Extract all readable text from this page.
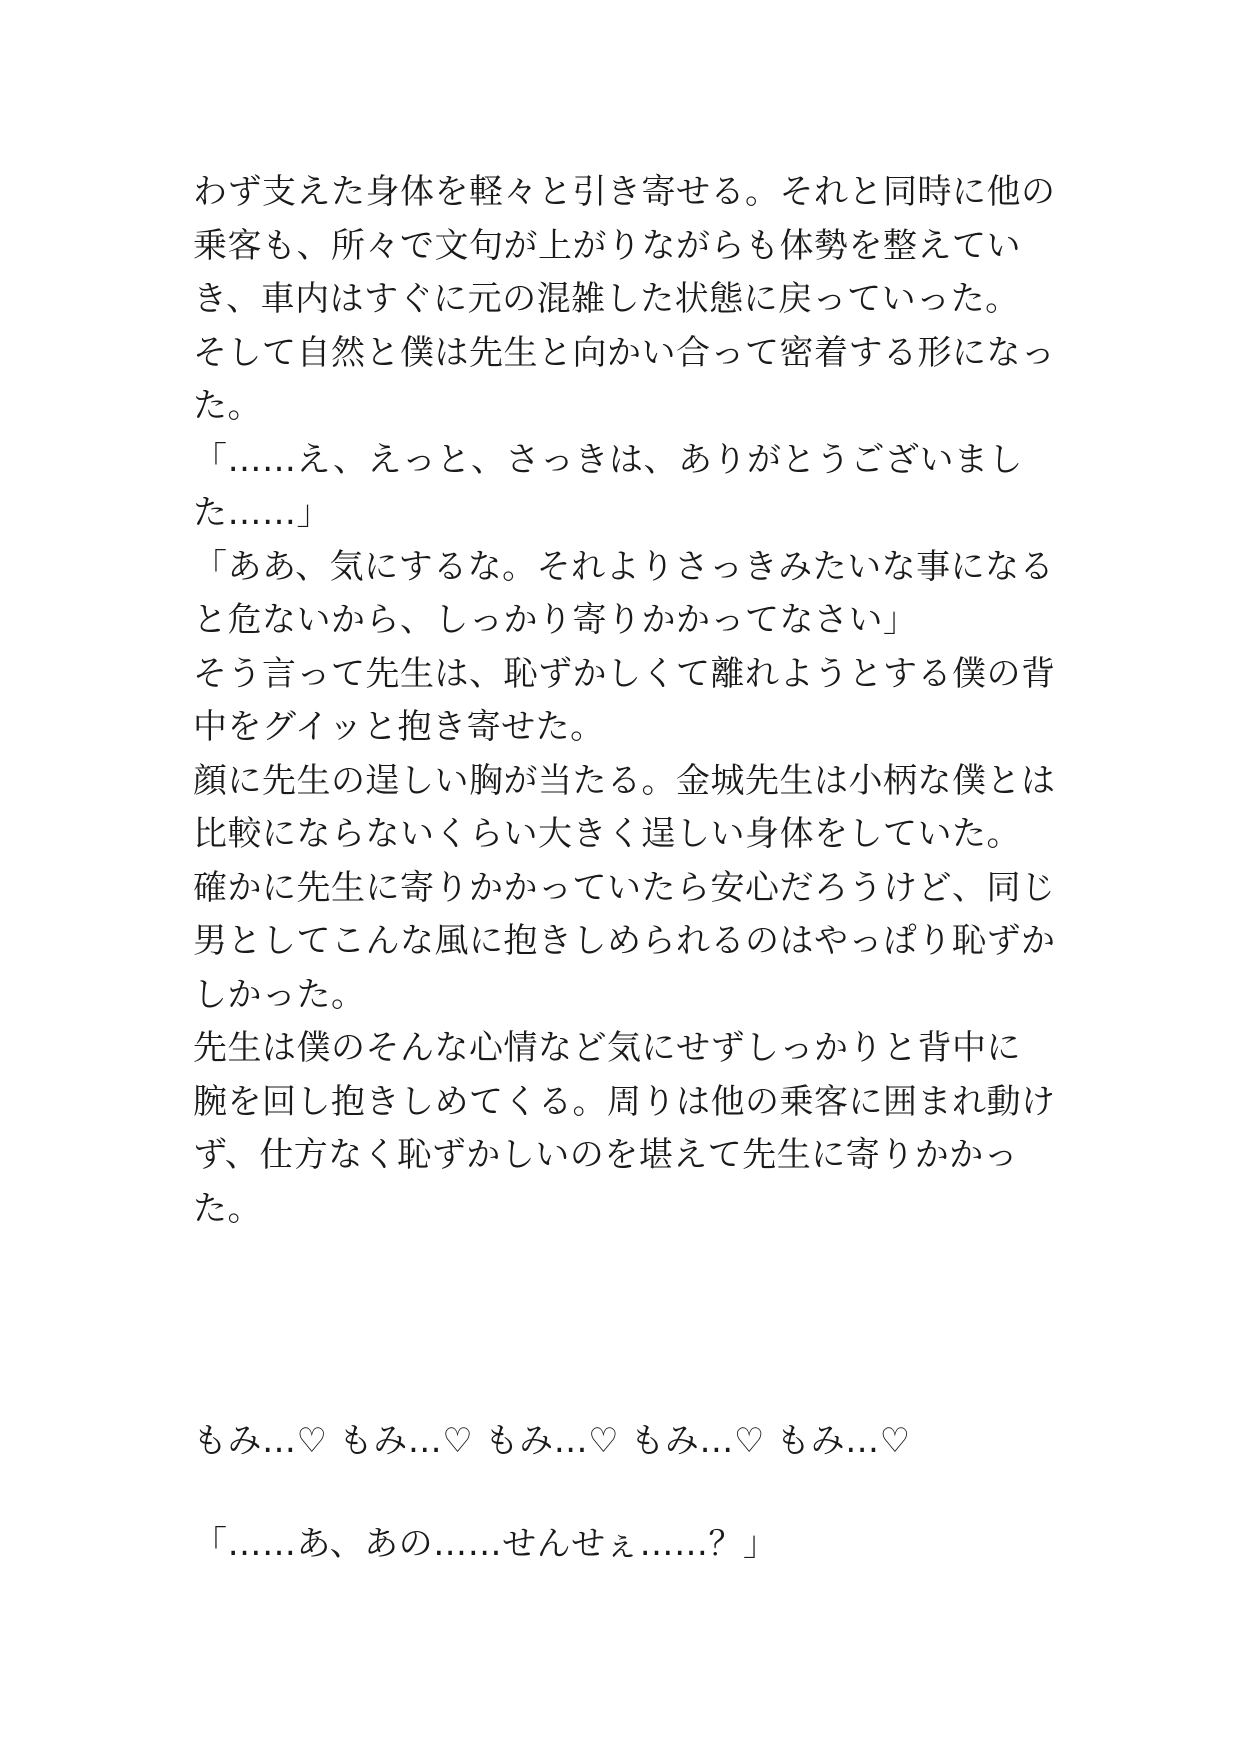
わず支えた身体を軽々と引き寄せる。それと同時に他の
乗客も、所々で文句が上がりながらも体勢を整えてい
き、車内はすぐに元の混雑した状態に戻っていった。
そして自然と僕は先生と向かい合って密着する形になっ
た。
「……え、えっと、さっきは、ありがとうございまし
た……」
「ああ、気にするな。それよりさっきみたいな事になる
と危ないから、しっかり寄りかかってなさい」
そう言って先生は、恥ずかしくて離れようとする僕の背
中をグイッと抱き寄せた。
顔に先生の逞しい胸が当たる。金城先生は小柄な僕とは
比較にならないくらい大きく逞しい身体をしていた。
確かに先生に寄りかかっていたら安心だろうけど、同じ
男としてこんな風に抱きしめられるのはやっぱり恥ずか
しかった。
先生は僕のそんな心情など気にせずしっかりと背中に
腕を回し抱きしめてくる。周りは他の乗客に囲まれ動け
ず、仕方なく恥ずかしいのを堪えて先生に寄りかかっ
た。
もみ…♡ もみ…♡ もみ…♡ もみ…♡ もみ…♡
「……あ、あの……せんせぇ……？」
